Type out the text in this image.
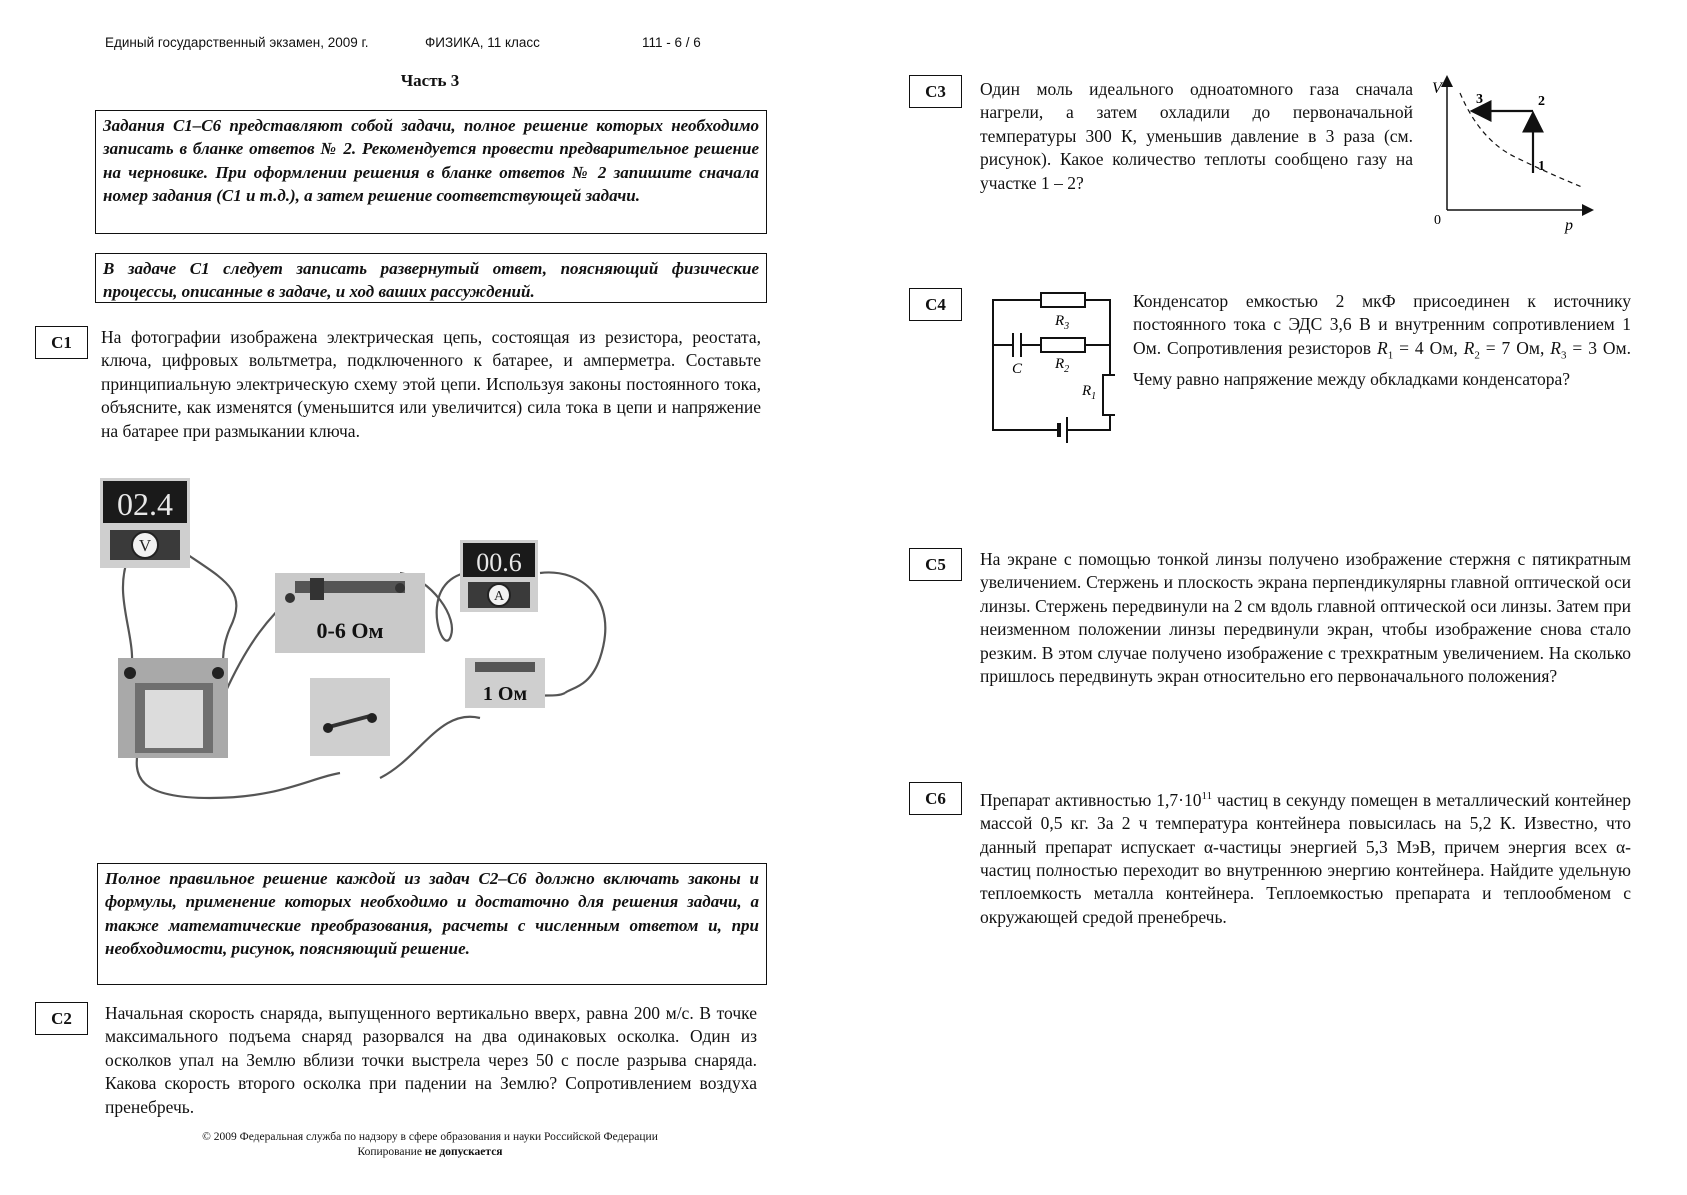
Единый государственный экзамен, 2009 г.	ФИЗИКА, 11 класс	111 - 6 / 6
Часть 3

Задания С1–С6 представляют собой задачи, полное решение которых необходимо записать в бланке ответов № 2. Рекомендуется провести предварительное решение на черновике. При оформлении решения в бланке ответов № 2 запишите сначала номер задания (С1 и т.д.), а затем решение соответствующей задачи.

В задаче С1 следует записать развернутый ответ, поясняющий физические процессы, описанные в задаче, и ход ваших рассуждений.

С1	На фотографии изображена электрическая цепь, состоящая из резистора, реостата, ключа, цифровых вольтметра, подключенного к батарее, и амперметра. Составьте принципиальную электрическую схему этой цепи. Используя законы постоянного тока, объясните, как изменятся (уменьшится или увеличится) сила тока в цепи и напряжение на батарее при размыкании ключа.
02.4
V
0-6 Ом
00.6
A
1 Ом

Полное правильное решение каждой из задач С2–С6 должно включать законы и формулы, применение которых необходимо и достаточно для решения задачи, а также математические преобразования, расчеты с численным ответом и, при необходимости, рисунок, поясняющий решение.

С2	Начальная скорость снаряда, выпущенного вертикально вверх, равна 200 м/с. В точке максимального подъема снаряд разорвался на два одинаковых осколка. Один из осколков упал на Землю вблизи точки выстрела через 50 с после разрыва снаряда. Какова скорость второго осколка при падении на Землю? Сопротивлением воздуха пренебречь.
© 2009 Федеральная служба по надзору в сфере образования и науки Российской Федерации
Копирование не допускается
С3	Один моль идеального одноатомного газа сначала нагрели, а затем охладили до первоначальной температуры 300 К, уменьшив давление в 3 раза (см. рисунок). Какое количество теплоты сообщено газу на участке 1 – 2?
V
p
0
1
2
3
С4
$R_3$
$R_2$
$R_1$
C
Конденсатор емкостью 2 мкФ присоединен к источнику постоянного тока с ЭДС 3,6 В и внутренним сопротивлением 1 Ом. Сопротивления резисторов $R_1 = 4$ Ом, $R_2 = 7$ Ом, $R_3 = 3$ Ом. Чему равно напряжение между обкладками конденсатора?
С5	На экране с помощью тонкой линзы получено изображение стержня с пятикратным увеличением. Стержень и плоскость экрана перпендикулярны главной оптической оси линзы. Стержень передвинули на 2 см вдоль главной оптической оси линзы. Затем при неизменном положении линзы передвинули экран, чтобы изображение снова стало резким. В этом случае получено изображение с трехкратным увеличением. На сколько пришлось передвинуть экран относительно его первоначального положения?
С6	Препарат активностью $1,7\cdot 10^{11}$ частиц в секунду помещен в металлический контейнер массой 0,5 кг. За 2 ч температура контейнера повысилась на 5,2 К. Известно, что данный препарат испускает α-частицы энергией 5,3 МэВ, причем энергия всех α-частиц полностью переходит во внутреннюю энергию контейнера. Найдите удельную теплоемкость металла контейнера. Теплоемкостью препарата и теплообменом с окружающей средой пренебречь.
